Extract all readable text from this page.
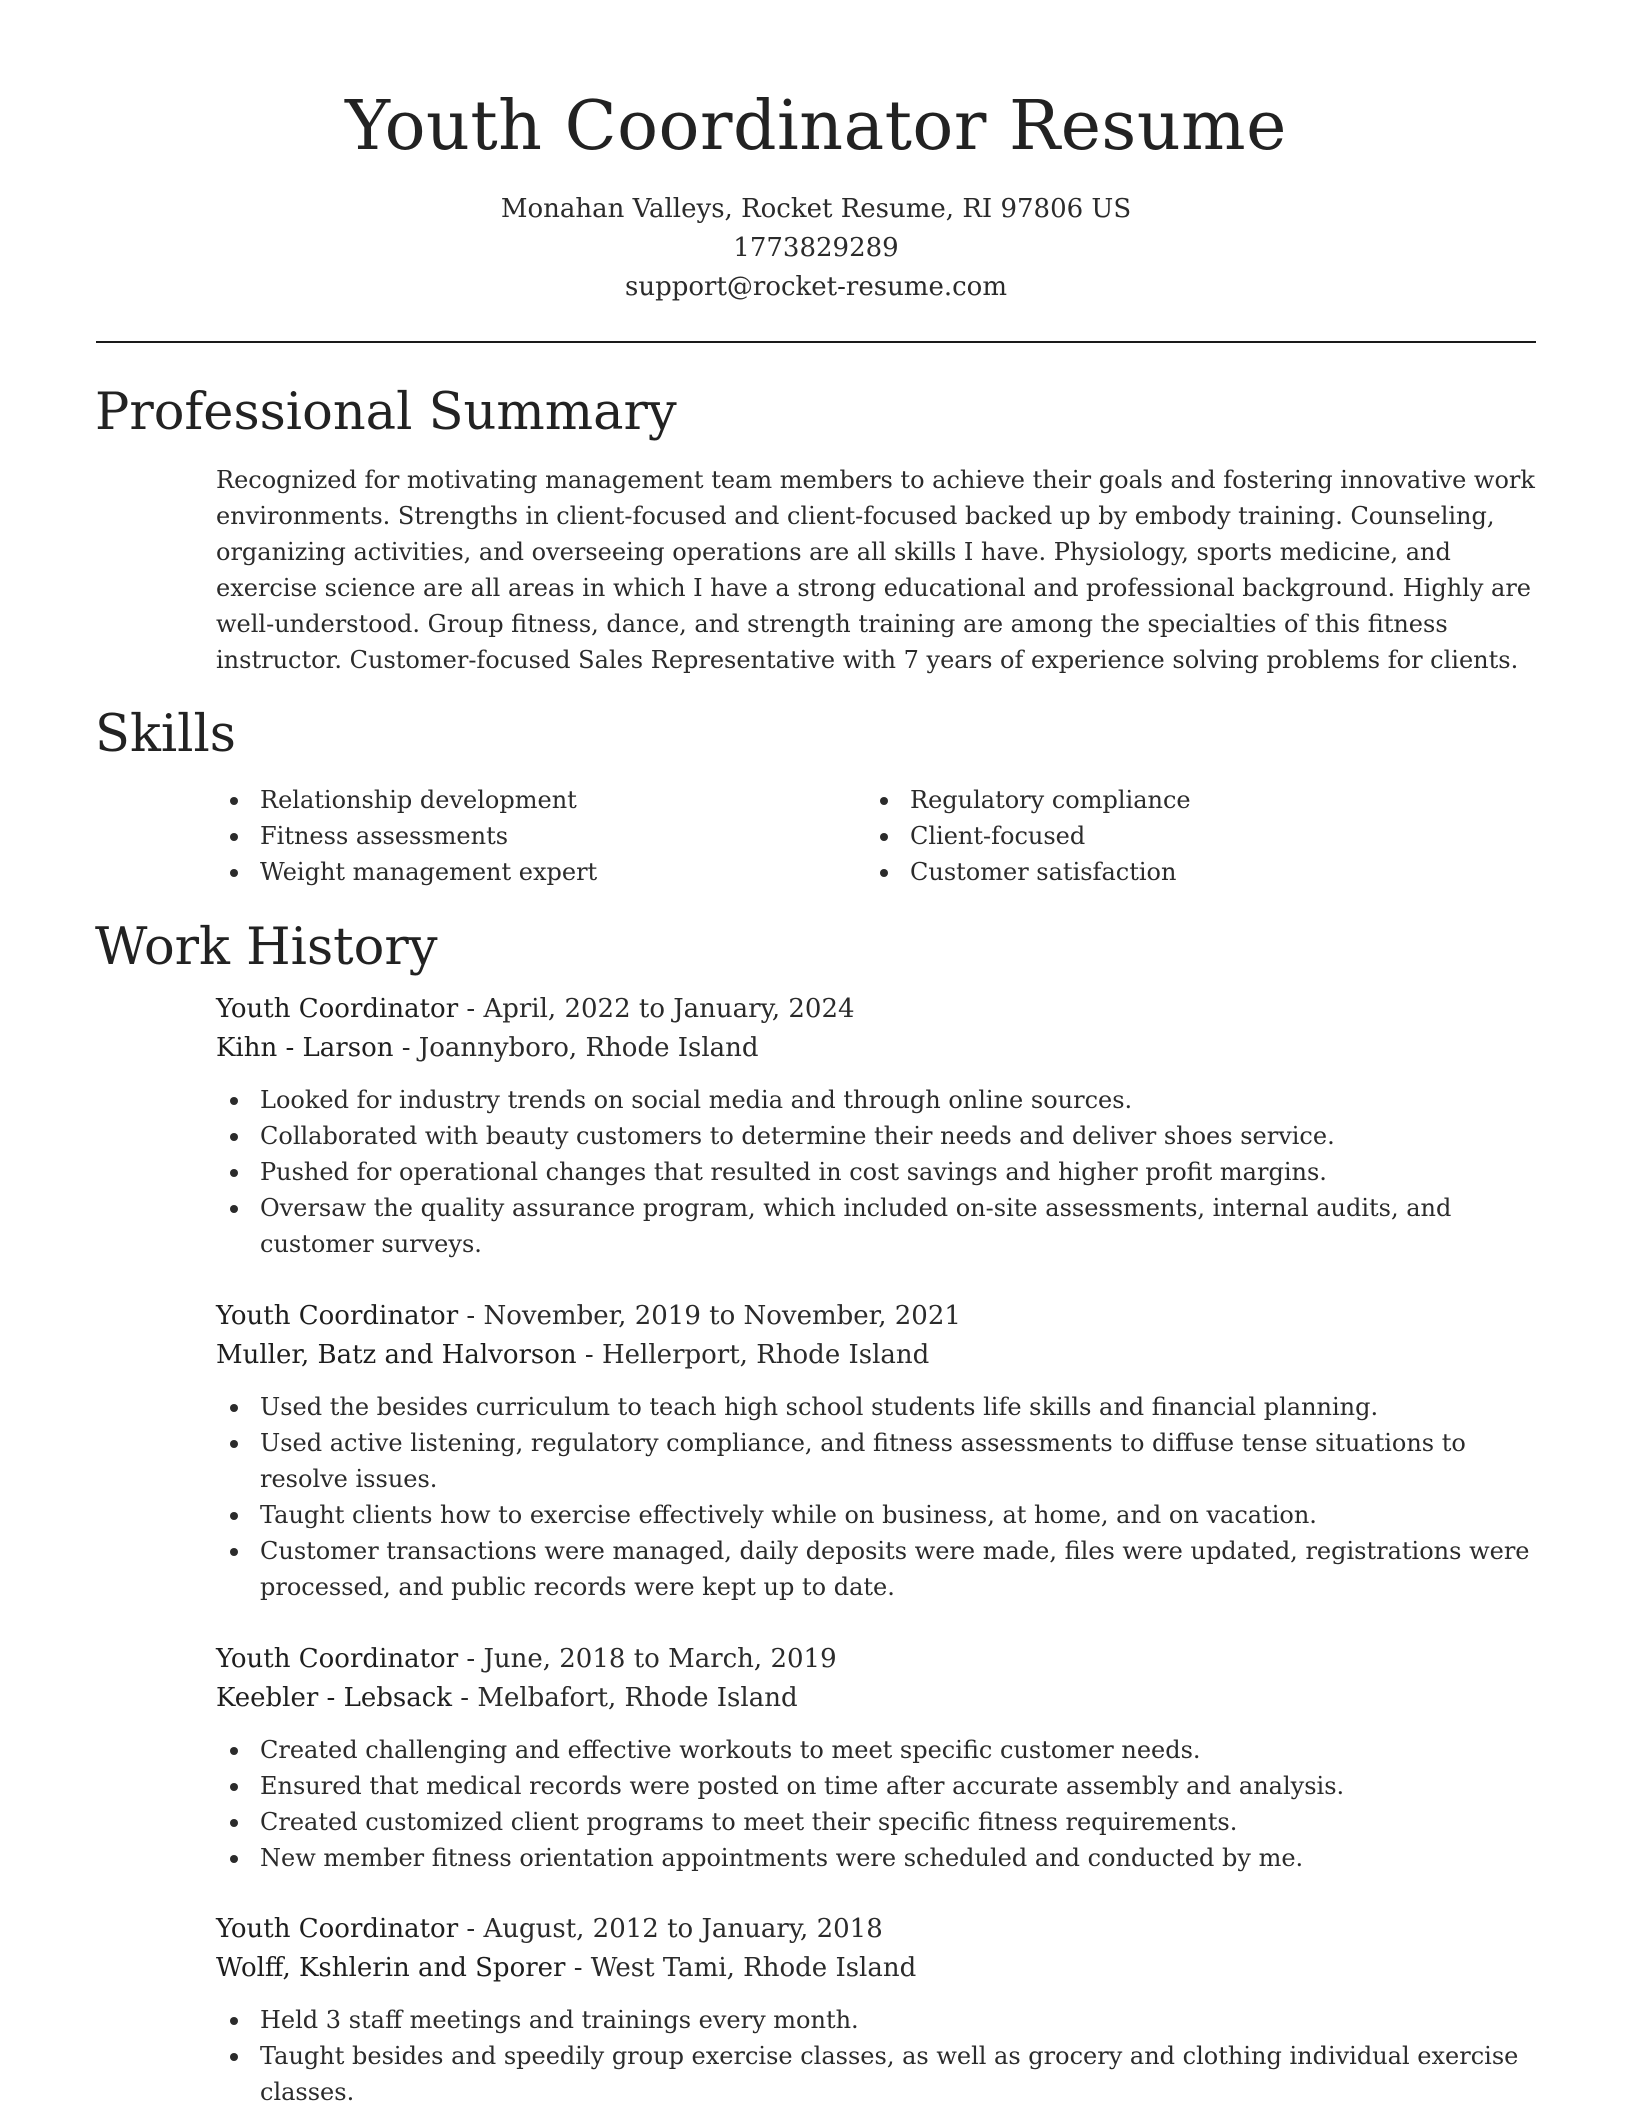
Youth Coordinator Resume
Monahan Valleys, Rocket Resume, RI 97806 US
1773829289
support@rocket-resume.com
Professional Summary

Recognized for motivating management team members to achieve their goals and fostering innovative work environments. Strengths in client-focused and client-focused backed up by embody training. Counseling, organizing activities, and overseeing operations are all skills I have. Physiology, sports medicine, and exercise science are all areas in which I have a strong educational and professional background. Highly are well-understood. Group fitness, dance, and strength training are among the specialties of this fitness instructor. Customer-focused Sales Representative with 7 years of experience solving problems for clients.

Skills
Relationship development
Fitness assessments
Weight management expert
Regulatory compliance
Client-focused
Customer satisfaction
Work History
Youth Coordinator - April, 2022 to January, 2024
Kihn - Larson - Joannyboro, Rhode Island
Looked for industry trends on social media and through online sources.
Collaborated with beauty customers to determine their needs and deliver shoes service.
Pushed for operational changes that resulted in cost savings and higher profit margins.
Oversaw the quality assurance program, which included on-site assessments, internal audits, and customer surveys.
Youth Coordinator - November, 2019 to November, 2021
Muller, Batz and Halvorson - Hellerport, Rhode Island
Used the besides curriculum to teach high school students life skills and financial planning.
Used active listening, regulatory compliance, and fitness assessments to diffuse tense situations to resolve issues.
Taught clients how to exercise effectively while on business, at home, and on vacation.
Customer transactions were managed, daily deposits were made, files were updated, registrations were processed, and public records were kept up to date.
Youth Coordinator - June, 2018 to March, 2019
Keebler - Lebsack - Melbafort, Rhode Island
Created challenging and effective workouts to meet specific customer needs.
Ensured that medical records were posted on time after accurate assembly and analysis.
Created customized client programs to meet their specific fitness requirements.
New member fitness orientation appointments were scheduled and conducted by me.
Youth Coordinator - August, 2012 to January, 2018
Wolff, Kshlerin and Sporer - West Tami, Rhode Island
Held 3 staff meetings and trainings every month.
Taught besides and speedily group exercise classes, as well as grocery and clothing individual exercise classes.
